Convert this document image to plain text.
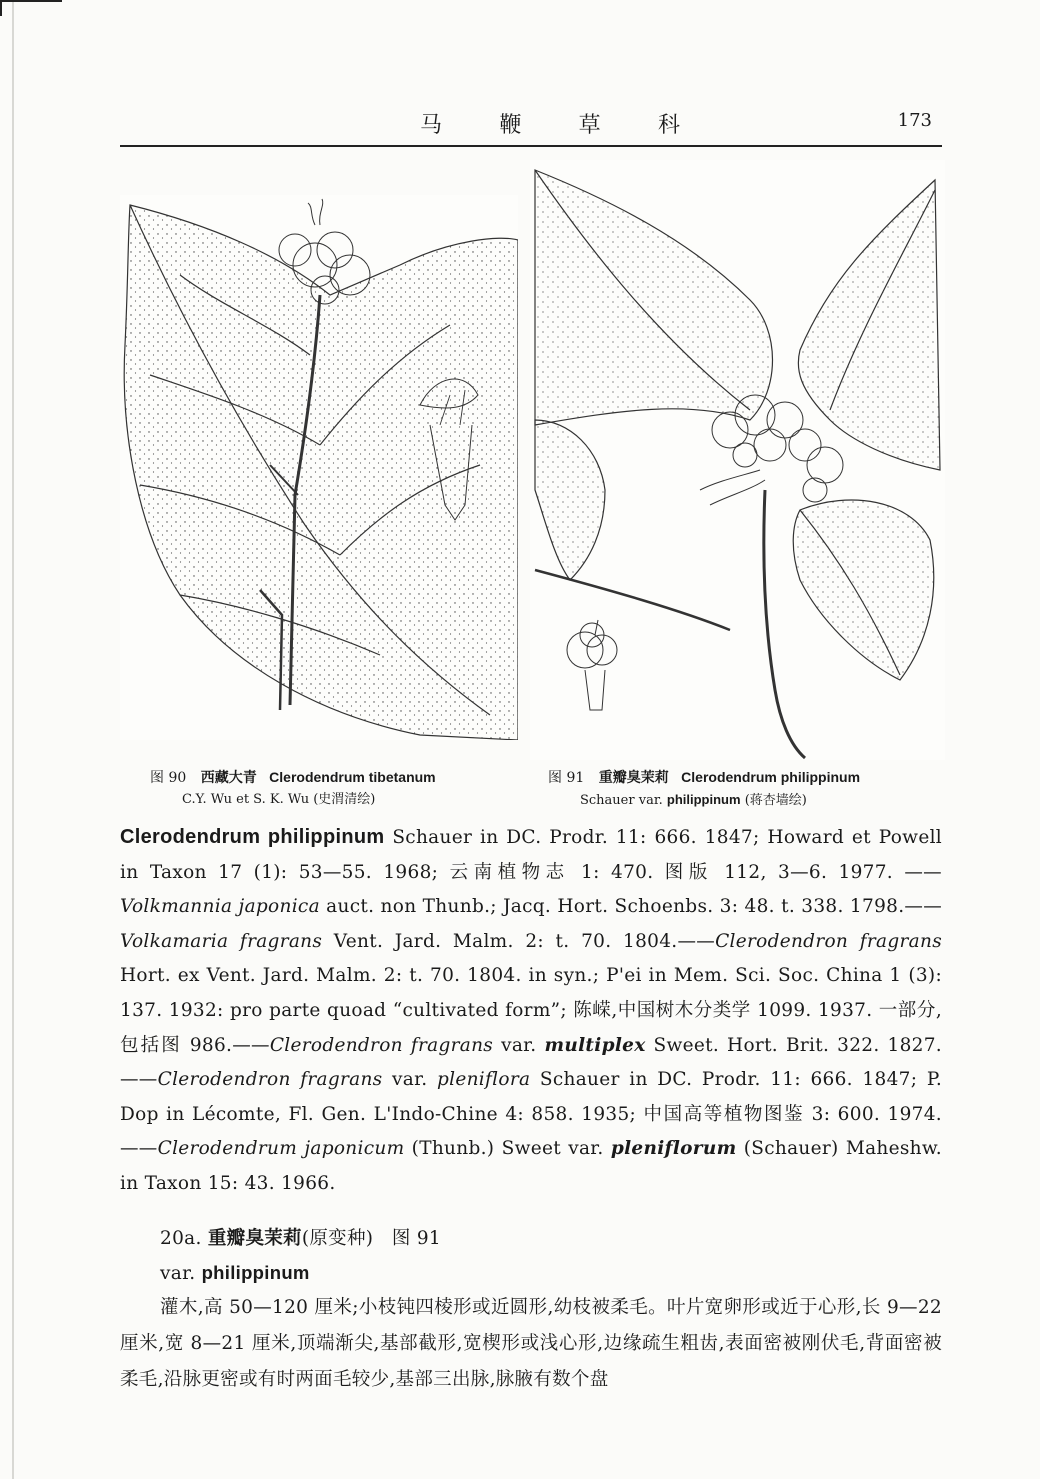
马	鞭	草	科	173
图 90 西藏大青 Clerodendrum tibetanum
C.Y. Wu et S. K. Wu (史渭清绘)
图 91 重瓣臭茉莉 Clerodendrum philippinum
Schauer var. philippinum (蒋杏墙绘)
Clerodendrum philippinum Schauer in DC. Prodr. 11: 666. 1847; Howard et Powell in Taxon 17 (1): 53—55. 1968; 云南植物志 1: 470. 图版 112, 3—6. 1977. ——Volkmannia japonica auct. non Thunb.; Jacq. Hort. Schoenbs. 3: 48. t. 338. 1798.——Volkamaria fragrans Vent. Jard. Malm. 2: t. 70. 1804.——Clerodendron fragrans Hort. ex Vent. Jard. Malm. 2: t. 70. 1804. in syn.; P'ei in Mem. Sci. Soc. China 1 (3): 137. 1932: pro parte quoad “cultivated form”; 陈嵘,中国树木分类学 1099. 1937. 一部分,包括图 986.——Clerodendron fragrans var. multiplex Sweet. Hort. Brit. 322. 1827.——Clerodendron fragrans var. pleniflora Schauer in DC. Prodr. 11: 666. 1847; P. Dop in Lécomte, Fl. Gen. L'Indo-Chine 4: 858. 1935; 中国高等植物图鉴 3: 600. 1974.——Clerodendrum japonicum (Thunb.) Sweet var. pleniflorum (Schauer) Maheshw. in Taxon 15: 43. 1966.
20a. 重瓣臭茉莉(原变种) 图 91
var. philippinum
灌木,高 50—120 厘米;小枝钝四棱形或近圆形,幼枝被柔毛。叶片宽卵形或近于心形,长 9—22 厘米,宽 8—21 厘米,顶端渐尖,基部截形,宽楔形或浅心形,边缘疏生粗齿,表面密被刚伏毛,背面密被柔毛,沿脉更密或有时两面毛较少,基部三出脉,脉腋有数个盘
